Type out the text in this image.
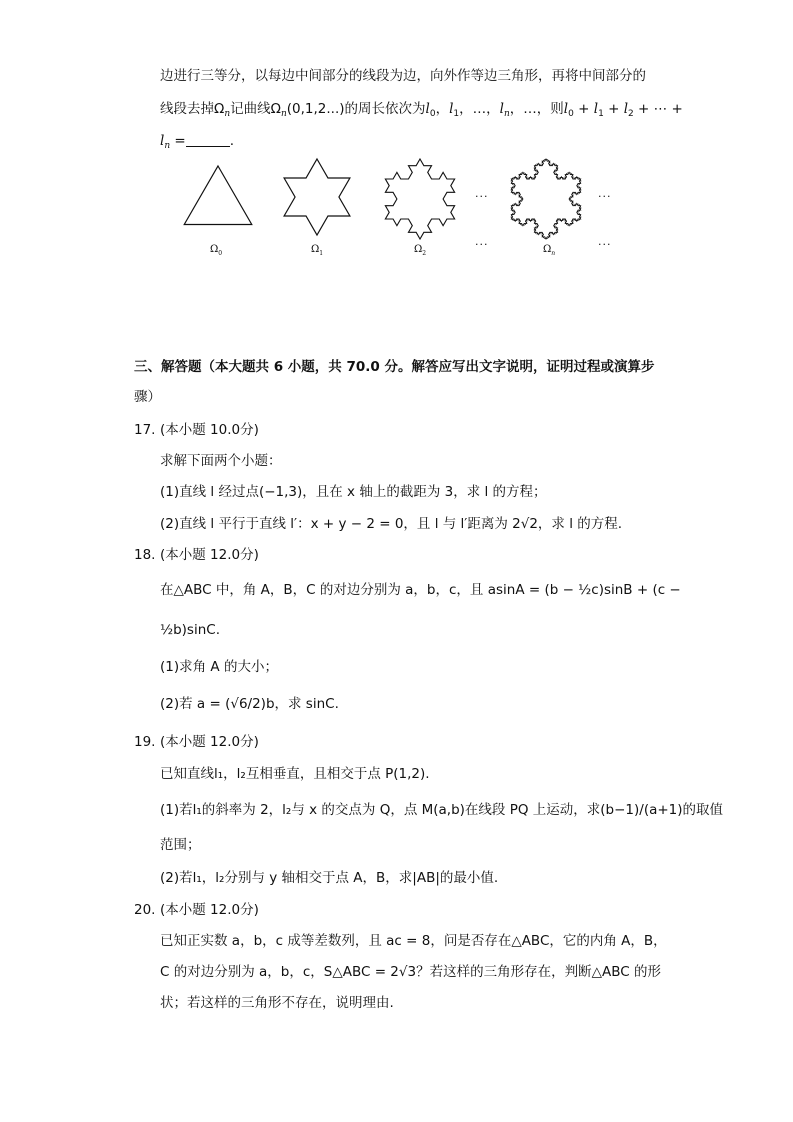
边进行三等分，以每边中间部分的线段为边，向外作等边三角形，再将中间部分的
线段去掉$\Omega_n$记曲线$\Omega_n(0,1,2...)$的周长依次为$l_0$，$l_1$，…，$l_n$，…，则$l_0 + l_1 + l_2$ + ⋯ +
$l_n$ =	.
$\Omega_0$	$\Omega_1$	$\Omega_2$	$\Omega_n$
···
···
···
···
三、解答题（本大题共 6 小题，共 70.0 分。解答应写出文字说明，证明过程或演算步
骤）
17. (本小题 10.0分)
求解下面两个小题：
(1)直线 l 经过点(−1,3)，且在 x 轴上的截距为 3，求 l 的方程；
(2)直线 l 平行于直线 l′：x + y − 2 = 0，且 l 与 l′距离为 2√2，求 l 的方程.
18. (本小题 12.0分)
在△ABC 中，角 A，B，C 的对边分别为 a，b，c，且 asinA = (b − ½c)sinB + (c −
½b)sinC.
(1)求角 A 的大小；
(2)若 a = (√6/2)b，求 sinC.
19. (本小题 12.0分)
已知直线l₁，l₂互相垂直，且相交于点 P(1,2).
(1)若l₁的斜率为 2，l₂与 x 的交点为 Q，点 M(a,b)在线段 PQ 上运动，求(b−1)/(a+1)的取值
范围；
(2)若l₁，l₂分别与 y 轴相交于点 A，B，求|AB|的最小值.
20. (本小题 12.0分)
已知正实数 a，b，c 成等差数列，且 ac = 8，问是否存在△ABC，它的内角 A，B，
C 的对边分别为 a，b，c，S△ABC = 2√3？若这样的三角形存在，判断△ABC 的形
状；若这样的三角形不存在，说明理由.
